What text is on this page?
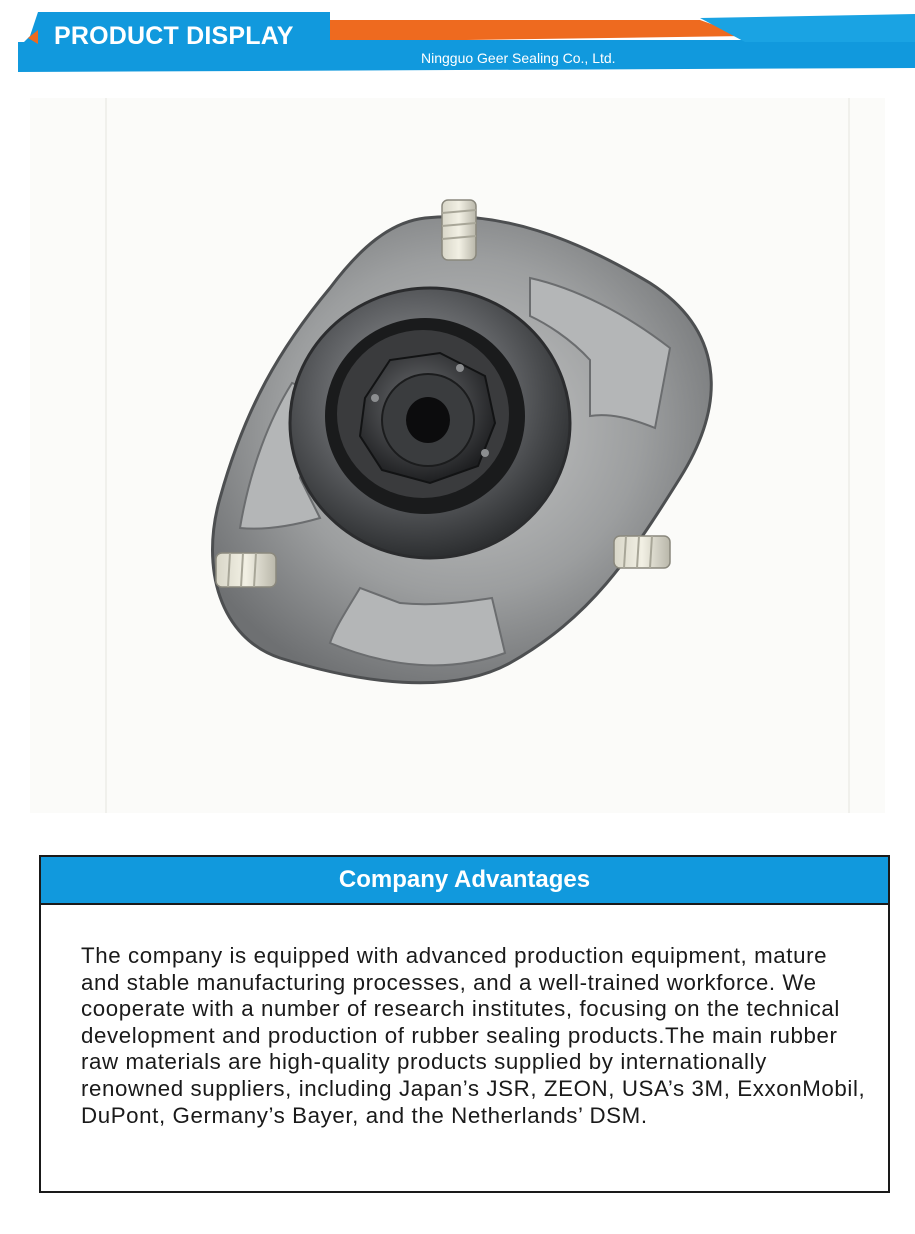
PRODUCT DISPLAY
Ningguo Geer Sealing Co., Ltd.
Company Advantages
The company is equipped with advanced production equipment, mature and stable manufacturing processes, and a well-trained workforce. We cooperate with a number of research institutes, focusing on the technical development and production of rubber sealing products.The main rubber raw materials are high-quality products supplied by internationally renowned suppliers, including Japan’s JSR, ZEON, USA’s 3M, ExxonMobil, DuPont, Germany’s Bayer, and the Netherlands’ DSM.
